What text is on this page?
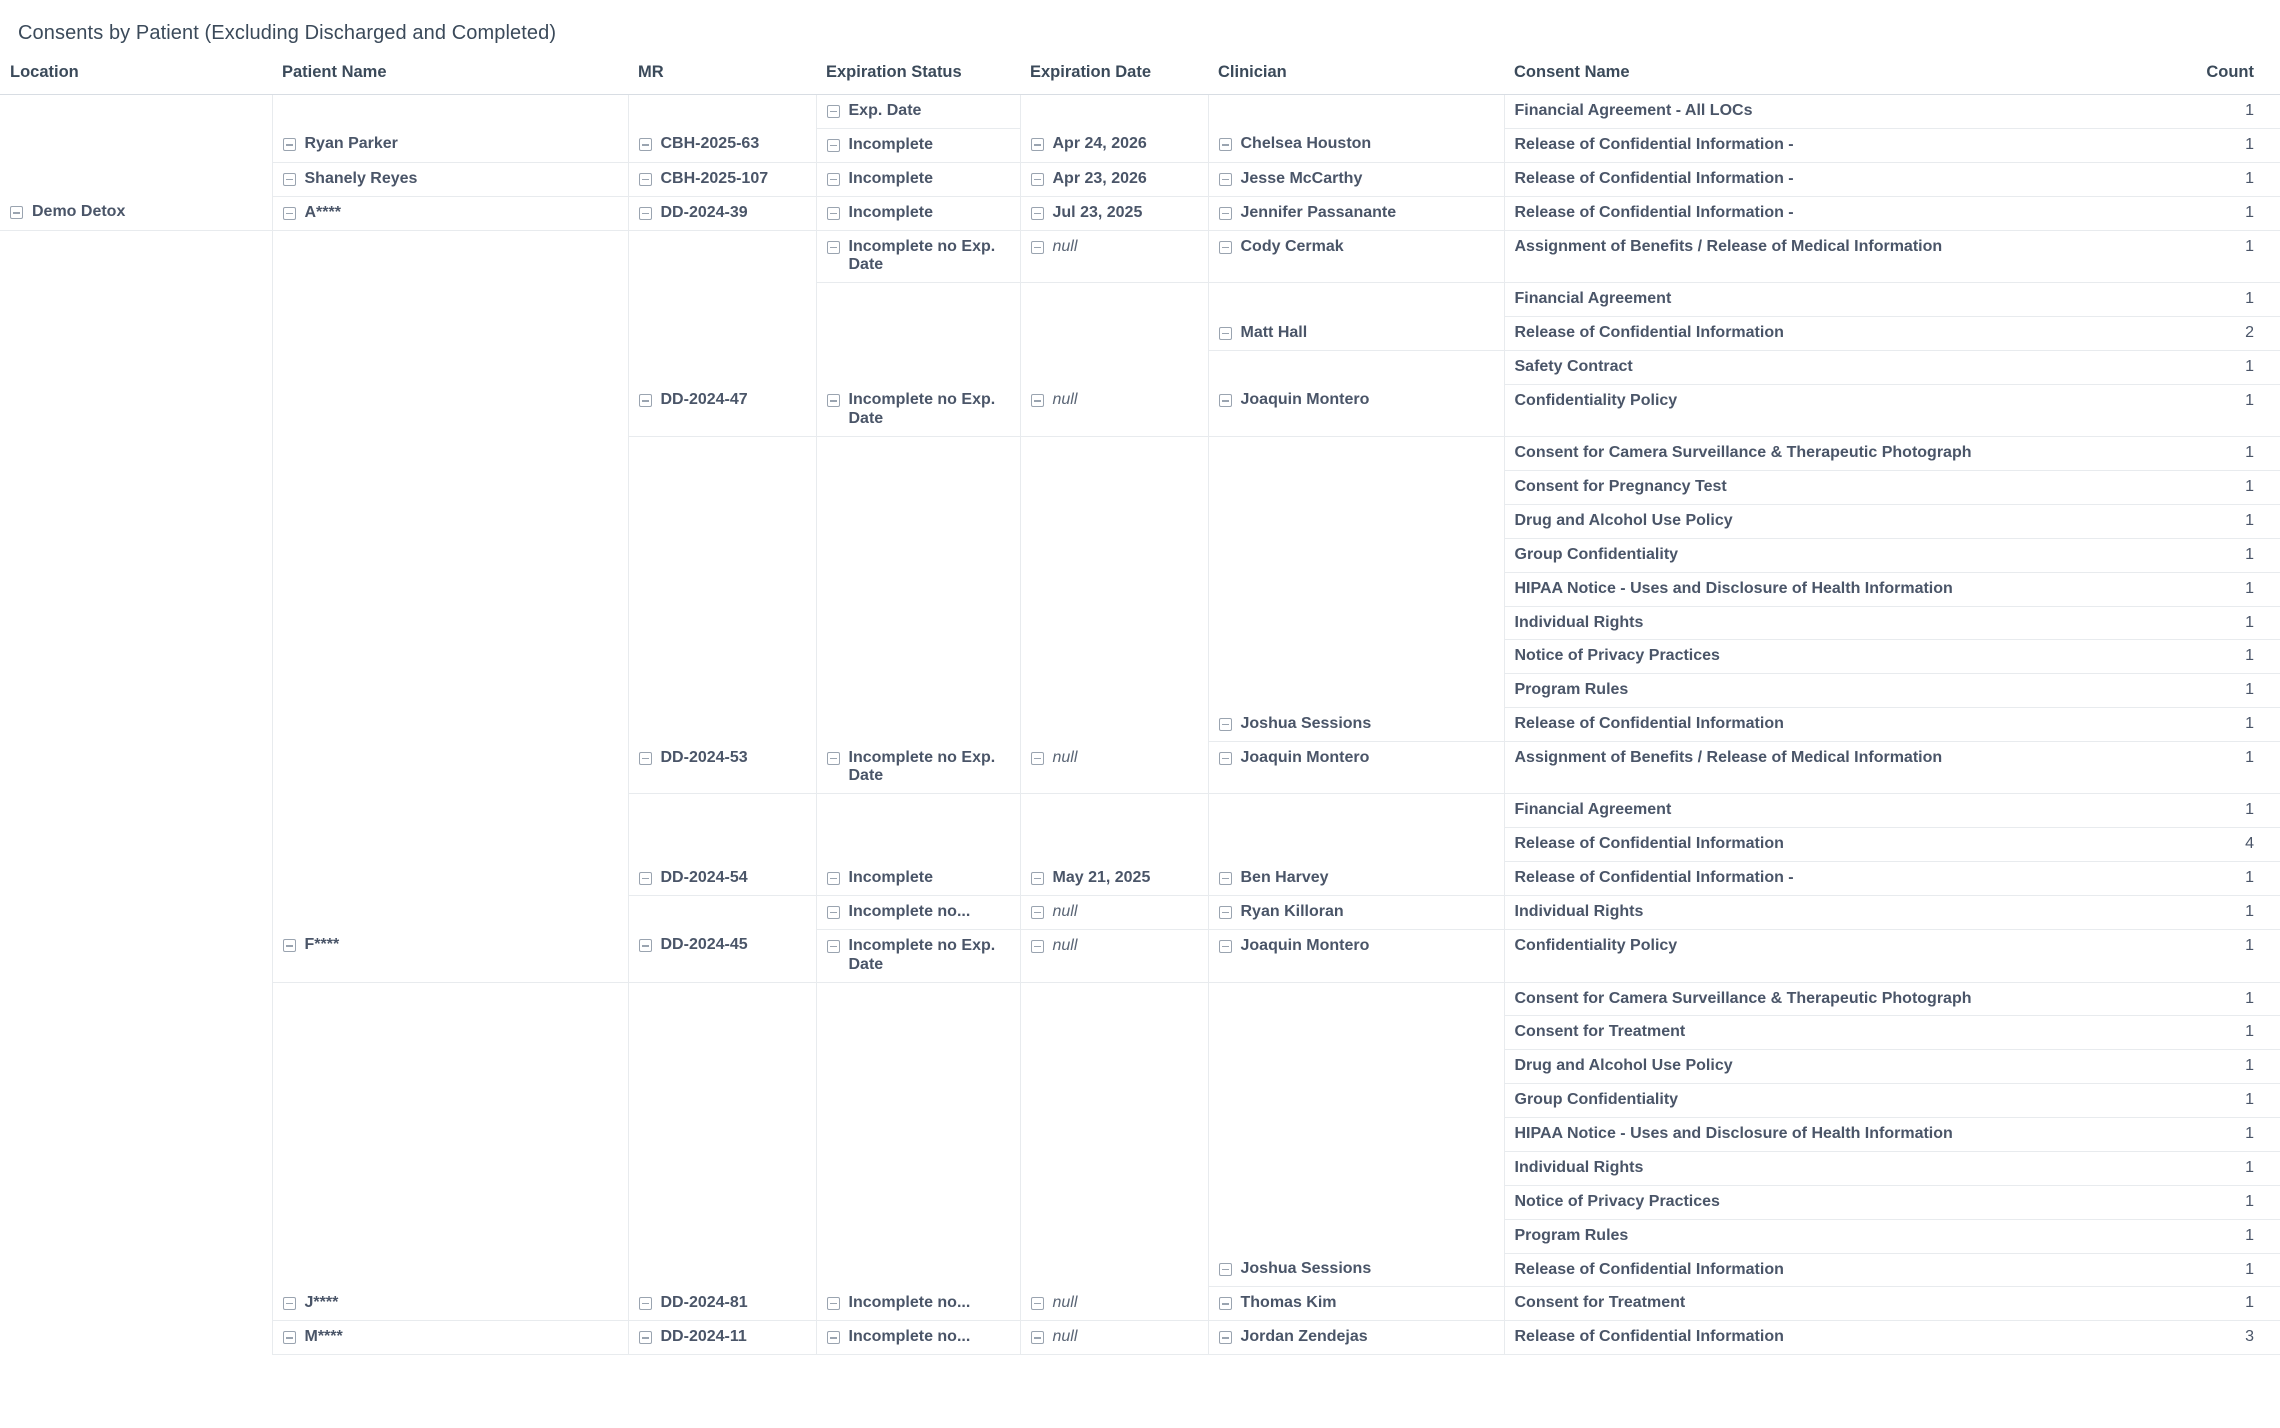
Consents by Patient (Excluding Discharged and Completed)
Location	Patient Name	MR	Expiration Status	Expiration Date	Clinician	Consent Name	Count

			Exp. Date			Financial Agreement - All LOCs	1

	Ryan Parker	CBH-2025-63	Incomplete	Apr 24, 2026	Chelsea Houston	Release of Confidential Information -	1

	Shanely Reyes	CBH-2025-107	Incomplete	Apr 23, 2026	Jesse McCarthy	Release of Confidential Information -	1

Demo Detox	A****	DD-2024-39	Incomplete	Jul 23, 2025	Jennifer Passanante	Release of Confidential Information -	1

			Incomplete no Exp. Date	null	Cody Cermak	Assignment of Benefits / Release of Medical Information	1

						Financial Agreement	1

					Matt Hall	Release of Confidential Information	2

						Safety Contract	1

		DD-2024-47	Incomplete no Exp. Date	null	Joaquin Montero	Confidentiality Policy	1

						Consent for Camera Surveillance & Therapeutic Photograph	1

						Consent for Pregnancy Test	1

						Drug and Alcohol Use Policy	1

						Group Confidentiality	1

						HIPAA Notice - Uses and Disclosure of Health Information	1

						Individual Rights	1

						Notice of Privacy Practices	1

						Program Rules	1

					Joshua Sessions	Release of Confidential Information	1

		DD-2024-53	Incomplete no Exp. Date	null	Joaquin Montero	Assignment of Benefits / Release of Medical Information	1

						Financial Agreement	1

						Release of Confidential Information	4

		DD-2024-54	Incomplete	May 21, 2025	Ben Harvey	Release of Confidential Information -	1

			Incomplete no...	null	Ryan Killoran	Individual Rights	1

	F****	DD-2024-45	Incomplete no Exp. Date	null	Joaquin Montero	Confidentiality Policy	1

						Consent for Camera Surveillance & Therapeutic Photograph	1

						Consent for Treatment	1

						Drug and Alcohol Use Policy	1

						Group Confidentiality	1

						HIPAA Notice - Uses and Disclosure of Health Information	1

						Individual Rights	1

						Notice of Privacy Practices	1

						Program Rules	1

					Joshua Sessions	Release of Confidential Information	1

	J****	DD-2024-81	Incomplete no...	null	Thomas Kim	Consent for Treatment	1

	M****	DD-2024-11	Incomplete no...	null	Jordan Zendejas	Release of Confidential Information	3
